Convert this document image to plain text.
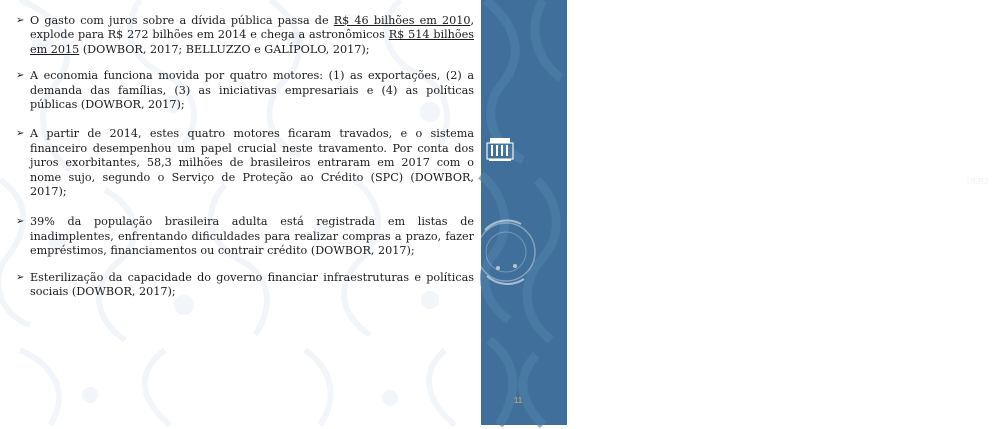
UERJ
J
➢ O gasto com juros sobre a dívida pública passa de R$ 46 bilhões em 2010, explode para R$ 272 bilhões em 2014 e chega a astronômicos R$ 514 bilhões em 2015 (DOWBOR, 2017; BELLUZZO e GALÍPOLO, 2017);
➢ A economia funciona movida por quatro motores: (1) as exportações, (2) a demanda das famílias, (3) as iniciativas empresariais e (4) as políticas públicas (DOWBOR, 2017);
➢ A partir de 2014, estes quatro motores ficaram travados, e o sistema financeiro desempenhou um papel crucial neste travamento. Por conta dos juros exorbitantes, 58,3 milhões de brasileiros entraram em 2017 com o nome sujo, segundo o Serviço de Proteção ao Crédito (SPC) (DOWBOR, 2017);
➢ 39% da população brasileira adulta está registrada em listas de inadimplentes, enfrentando dificuldades para realizar compras a prazo, fazer empréstimos, financiamentos ou contrair crédito (DOWBOR, 2017);
➢ Esterilização da capacidade do governo financiar infraestruturas e políticas sociais (DOWBOR, 2017);
11
